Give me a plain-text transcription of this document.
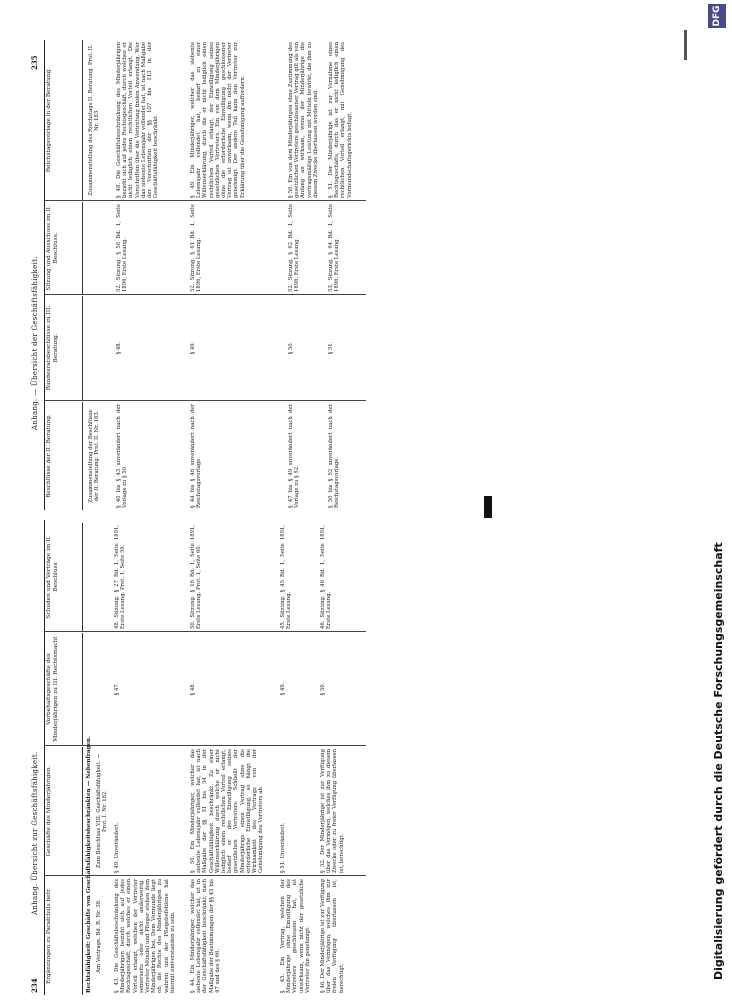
234
Anhang. Übersicht zur Geschäftsfähigkeit.
Ergänzungen zu Parafchuls betr.
Geschäfte des Minderjährigen.
Vorbehaltsgeschäfte des Minderjährigen zu III. Rechtsmacht
Schuden und Verträge im II. Beschluss
Rechtsfähigkeit: Geschäfte von Geschäftsfähigkeitsbeschränkten — Nebenfragen. Am Vertrage. Bd. R. Nr. 38.
Zum Beschluss VIII. Geschäftsfähigkeit. — Prot. I. Nr. 182.
§ 43. Die Geschäftsbeschränkung des Minderjährigen bezieht sich auf jedes Rechtsgeschäft, durch welches er einen Vorteil erlangt, welchen der Vertreter seinerseits oder nicht anderweitig. Vertreter Mündel und Pfleger stehen dem Minderjährigen bei, Dem Vormunde liegt ob, die Rechte des Minderjährigen zu wahren und der Pflegebefohlene hat hiermit einverstanden zu sein.
§ 49. Unverändert.
§ 47.
48. Sitzung. § 27 Bd. 1, Seite 1891, Erste Lesung. Prot. 1, Seite 59.
§ 44. Ein Minderjähriger, welcher das siebente Lebensjahr vollendet hat, ist in der Geschäftsfähigkeit beschränkt; nach Maßgabe der Bestimmungen der §§ 45 bis 47 und des § 66.
§ 50. Ein Minderjähriger, welcher das siebente Lebensjahr vollendet hat, ist nach Maßgabe der §§ 51 bis 54 in der Geschäftsfähigkeit beschränkt. Zu einer Willenserklärung durch welche er nicht lediglich einen rechtlichen Vorteil erlangt, bedarf er der Einwilligung seines gesetzlichen Vertreters. Schließt der Minderjährige einen Vertrag ohne die erforderliche Einwilligung, so hängt die Wirksamkeit des Vertrags von der Genehmigung des Vertreters ab.
§ 48.
50. Sitzung. § 16 Bd. 1, Seite 1891, Erste Lesung. Prot. 1, Seite 60.
§ 45. Ein Vertrag, welchen der Minderjährige ohne Einwilligung des Vertreters geschlossen hat, ist unwirksam, wenn nicht der gesetzliche Vertreter ihn genehmigt.
§ 51. Unverändert.
§ 49.
45. Sitzung. § 45 Bd. 1, Seite 1891, Erste Lesung.
§ 46. Der Minderjährige ist zur Verfügung über das Vermögen, welches ihm zur freien Verfügung überlassen ist, berechtigt.
§ 52. Der Minderjährige ist zur Verfügung über das Vermögen, welches ihm zu diesem Zwecke oder zu freier Verfügung überlassen ist, berechtigt.
§ 50.
46. Sitzung. § 46 Bd. 1, Seite 1891, Erste Lesung.
Anhang. — Übersicht der Geschäftsfähigkeit.
235
Beschlüsse der II. Beratung.
Bundesratsbeschlüsse zu III. Beratung.
Sitzung und Ausschuss im II. Beschluss.
Reichstagsvorlage in der Beratung.
Zusammenstellung der Beschlüsse der II. Beratung. Prot. II. Nr. 183.
Zusammenstellung des Reichstags II. Beratung. Prot. II. Nr. 183.
§ 40 bis § 43 unverändert nach der Vorlage zu § 50.
§ 48.
52. Sitzung. § 58 Bd. 1, Seite 1896, Erste Lesung.
§ 48. Die Geschäftsbeschränkung des Minderjährigen bezieht sich auf jedes Rechtsgeschäft, durch welches er nicht lediglich einen rechtlichen Vorteil erlangt. Die Vorschriften über die Vertretung finden Anwendung. Wer das siebente Lebensjahr vollendet hat, ist nach Maßgabe der Vorschriften der §§ 107 bis 113 in der Geschäftsfähigkeit beschränkt.
§ 44 bis § 46 unverändert nach der Reichstagsvorlage.
§ 49.
52. Sitzung. § 61 Bd. 1, Seite 1896, Erste Lesung.
§ 49. Ein Minderjähriger, welcher das siebente Lebensjahr vollendet hat, bedarf zu einer Willenserklärung, durch die er nicht lediglich einen rechtlichen Vorteil erlangt, der Einwilligung seines gesetzlichen Vertreters. Ein von dem Minderjährigen ohne die erforderliche Einwilligung geschlossener Vertrag ist unwirksam, wenn ihn nicht der Vertreter genehmigt. Der andere Teil kann den Vertreter zur Erklärung über die Genehmigung auffordern.
§ 47 bis § 49 unverändert nach der Vorlage zu § 52.
§ 50.
52. Sitzung. § 62 Bd. 1, Seite 1896, Erste Lesung.
§ 50. Ein von dem Minderjährigen ohne Zustimmung des gesetzlichen Vertreters geschlossener Vertrag gilt als von Anfang an wirksam, wenn der Minderjährige die vertragsmäßige Leistung mit Mitteln bewirkt, die ihm zu diesem Zwecke überlassen worden sind.
§ 50 bis § 52 unverändert nach der Reichstagsvorlage.
§ 51.
53. Sitzung. § 64 Bd. 1, Seite 1896, Erste Lesung.
§ 51. Der Minderjährige ist zur Vornahme eines Rechtsgeschäfts, durch das er nicht lediglich einen rechtlichen Vorteil erlangt, mit Genehmigung des Vormundschaftsgerichts befugt.
Digitalisierung gefördert durch die Deutsche Forschungsgemeinschaft
DFG
